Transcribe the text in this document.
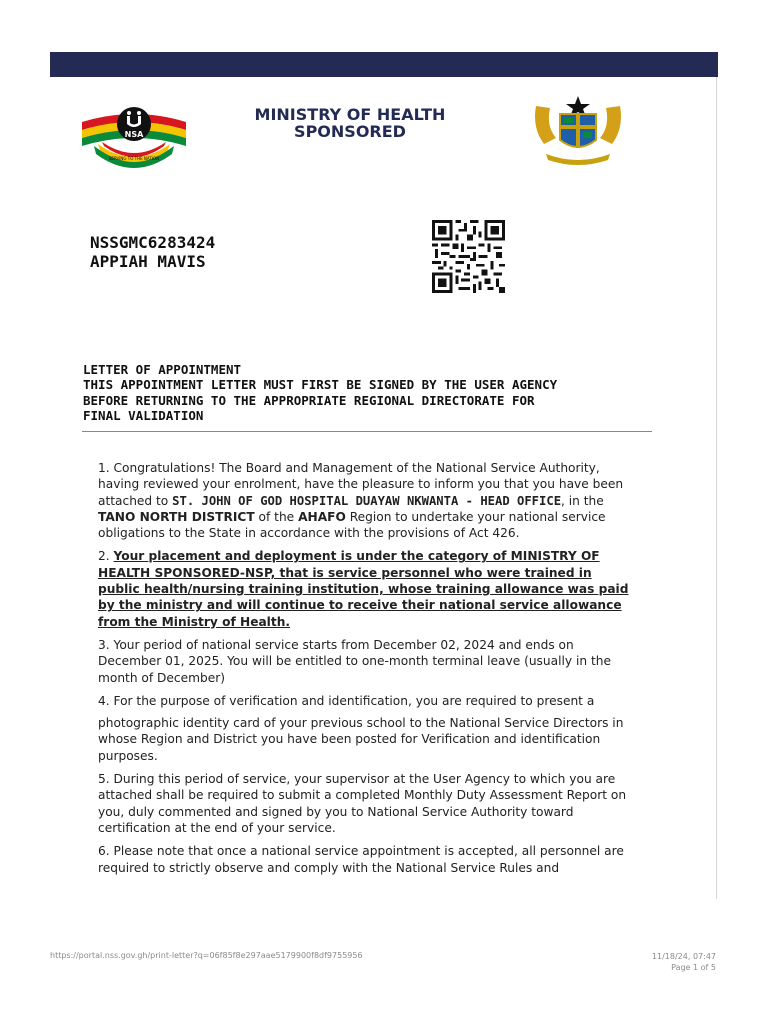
NSA
SERVING TO THE NATION
MINISTRY OF HEALTH
SPONSORED
NSSGMC6283424
APPIAH MAVIS
LETTER OF APPOINTMENT
THIS APPOINTMENT LETTER MUST FIRST BE SIGNED BY THE USER AGENCY
BEFORE RETURNING TO THE APPROPRIATE REGIONAL DIRECTORATE FOR
FINAL VALIDATION

1. Congratulations! The Board and Management of the National Service Authority, having reviewed your enrolment, have the pleasure to inform you that you have been attached to ST. JOHN OF GOD HOSPITAL DUAYAW NKWANTA - HEAD OFFICE, in the TANO NORTH DISTRICT of the AHAFO Region to undertake your national service obligations to the State in accordance with the provisions of Act 426.

2. Your placement and deployment is under the category of MINISTRY OF HEALTH SPONSORED-NSP, that is service personnel who were trained in public health/nursing training institution, whose training allowance was paid by the ministry and will continue to receive their national service allowance from the Ministry of Health.

3. Your period of national service starts from December 02, 2024 and ends on December 01, 2025. You will be entitled to one-month terminal leave (usually in the month of December)

4. For the purpose of verification and identification, you are required to present a

photographic identity card of your previous school to the National Service Directors in whose Region and District you have been posted for Verification and identification purposes.

5. During this period of service, your supervisor at the User Agency to which you are attached shall be required to submit a completed Monthly Duty Assessment Report on you, duly commented and signed by you to National Service Authority toward certification at the end of your service.

6. Please note that once a national service appointment is accepted, all personnel are required to strictly observe and comply with the National Service Rules and

https://portal.nss.gov.gh/print-letter?q=06f85f8e297aae5179900f8df9755956	11/18/24, 07:47
Page 1 of 5
